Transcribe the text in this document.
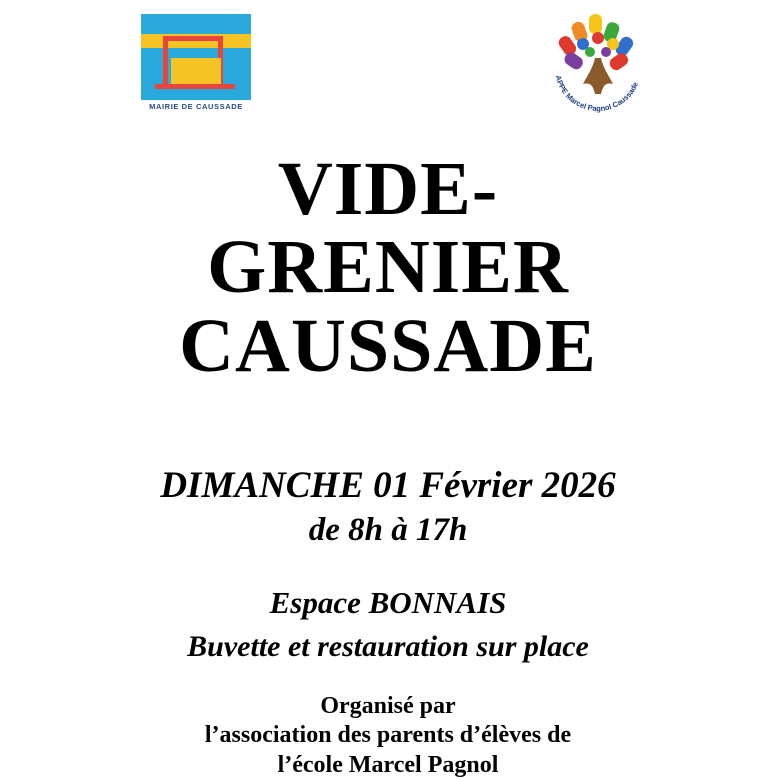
MAIRIE DE CAUSSADE
APPE Marcel Pagnol Caussade
VIDE-
GRENIER
CAUSSADE
DIMANCHE 01 Février 2026
de 8h à 17h
Espace BONNAIS
Buvette et restauration sur place
Organisé par
l’association des parents d’élèves de
l’école Marcel Pagnol
